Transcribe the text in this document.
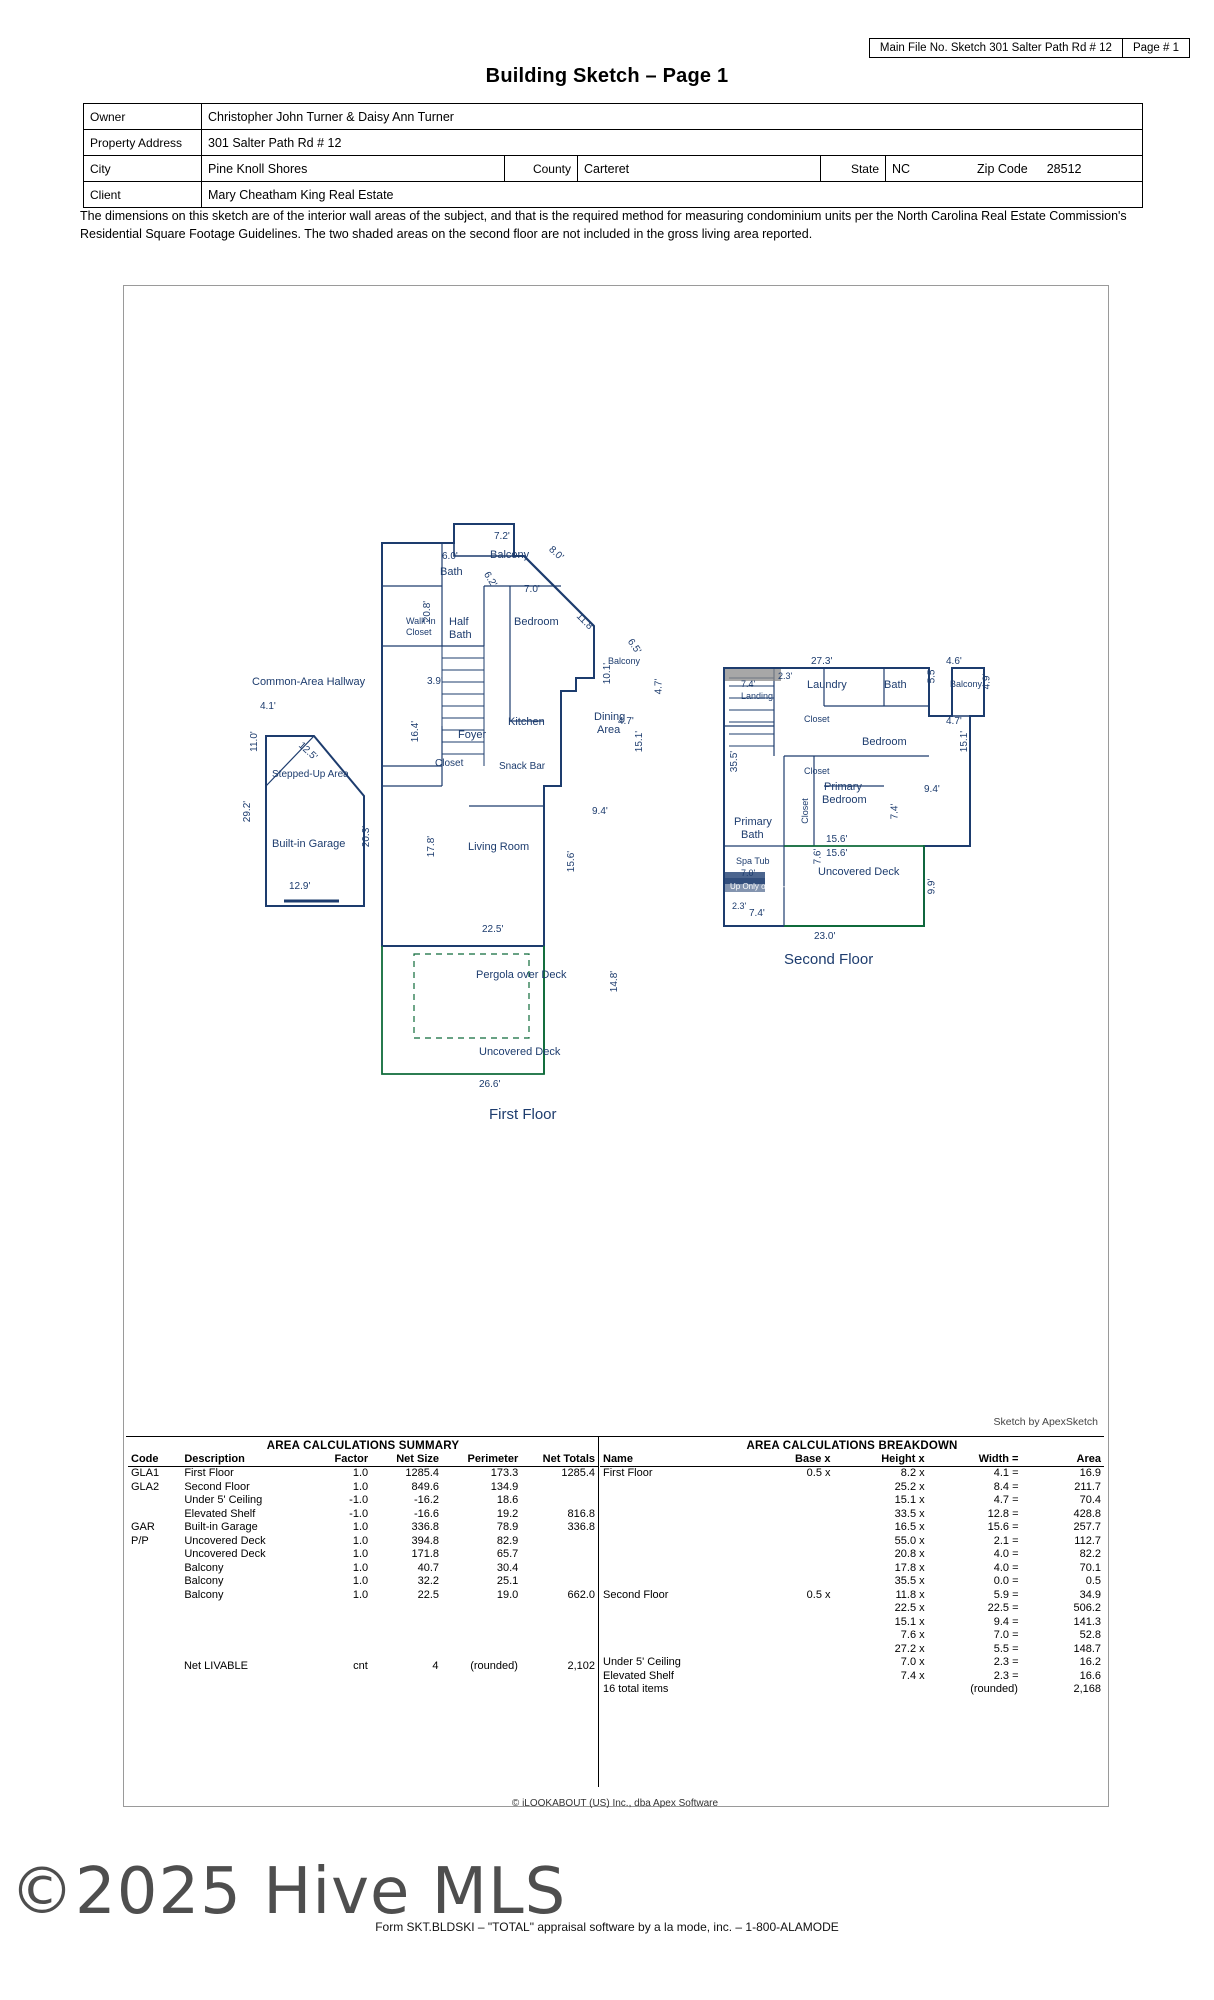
Main File No. Sketch 301 Salter Path Rd # 12	Page # 1
Building Sketch – Page 1
Owner	Christopher John Turner & Daisy Ann Turner				
Property Address	301 Salter Path Rd # 12				
City	Pine Knoll Shores	County	Carteret	State	NC Zip Code 28512
Client	Mary Cheatham King Real Estate				
The dimensions on this sketch are of the interior wall areas of the subject, and that is the required method for measuring condominium units per the North Carolina Real Estate Commission's Residential Square Footage Guidelines. The two shaded areas on the second floor are not included in the gross living area reported.
7.2'
6.0'	8.0'
6.2'
7.0'
20.8'	11.8
6.5'
10.1'
4.7'
4.7'
3.9'
16.4'	15.1'
9.4'
17.8'
15.6'
22.5'
14.8'
26.6'
4.1'
11.0'	12.5'
29.2'
20.3'
12.9'
Bath
Balcony
Bedroom
Walk-in
Closet
Half
Bath
Kitchen	Dining
Area
Balcony
Foyer
Closet	Snack Bar
Living Room
Common-Area Hallway
Stepped-Up Area
Built-in Garage
Pergola over Deck
Uncovered Deck
First Floor
27.3'	4.6'
2.3'
7.4'
Landing
Laundry	Bath
5.5'
Balcony 4.9'
4.7'
Closet
Bedroom
Closet
15.1'
35.5'
Primary
Bedroom
9.4'
7.4'
Primary
Bath
Closet
15.6'
15.6'
Spa Tub
7.0'
Up Only or Dbl-Hgt
7.6'
Uncovered Deck
9.9'
2.3'
7.4'
23.0'
Second Floor
Sketch by ApexSketch
AREA CALCULATIONS SUMMARY
Code	Description	Factor	Net Size	Perimeter	Net Totals
GLA1	First Floor	1.0	1285.4	173.3	1285.4
GLA2	Second Floor	1.0	849.6	134.9	
	Under 5' Ceiling	-1.0	-16.2	18.6	
	Elevated Shelf	-1.0	-16.6	19.2	816.8
GAR	Built-in Garage	1.0	336.8	78.9	336.8
P/P	Uncovered Deck	1.0	394.8	82.9	
	Uncovered Deck	1.0	171.8	65.7	
	Balcony	1.0	40.7	30.4	
	Balcony	1.0	32.2	25.1	
	Balcony	1.0	22.5	19.0	662.0
	Net LIVABLE	cnt	4	(rounded)	2,102
AREA CALCULATIONS BREAKDOWN
Name	Base x	Height x	Width =	Area
First Floor	0.5 x	8.2 x	4.1 =	16.9
		25.2 x	8.4 =	211.7
		15.1 x	4.7 =	70.4
		33.5 x	12.8 =	428.8
		16.5 x	15.6 =	257.7
		55.0 x	2.1 =	112.7
		20.8 x	4.0 =	82.2
		17.8 x	4.0 =	70.1
		35.5 x	0.0 =	0.5
Second Floor	0.5 x	11.8 x	5.9 =	34.9
		22.5 x	22.5 =	506.2
		15.1 x	9.4 =	141.3
		7.6 x	7.0 =	52.8
		27.2 x	5.5 =	148.7
Under 5' Ceiling		7.0 x	2.3 =	16.2
Elevated Shelf		7.4 x	2.3 =	16.6
16 total items			(rounded)	2,168
© iLOOKABOUT (US) Inc., dba Apex Software
Form SKT.BLDSKI – "TOTAL" appraisal software by a la mode, inc. – 1-800-ALAMODE
©2025 Hive MLS
